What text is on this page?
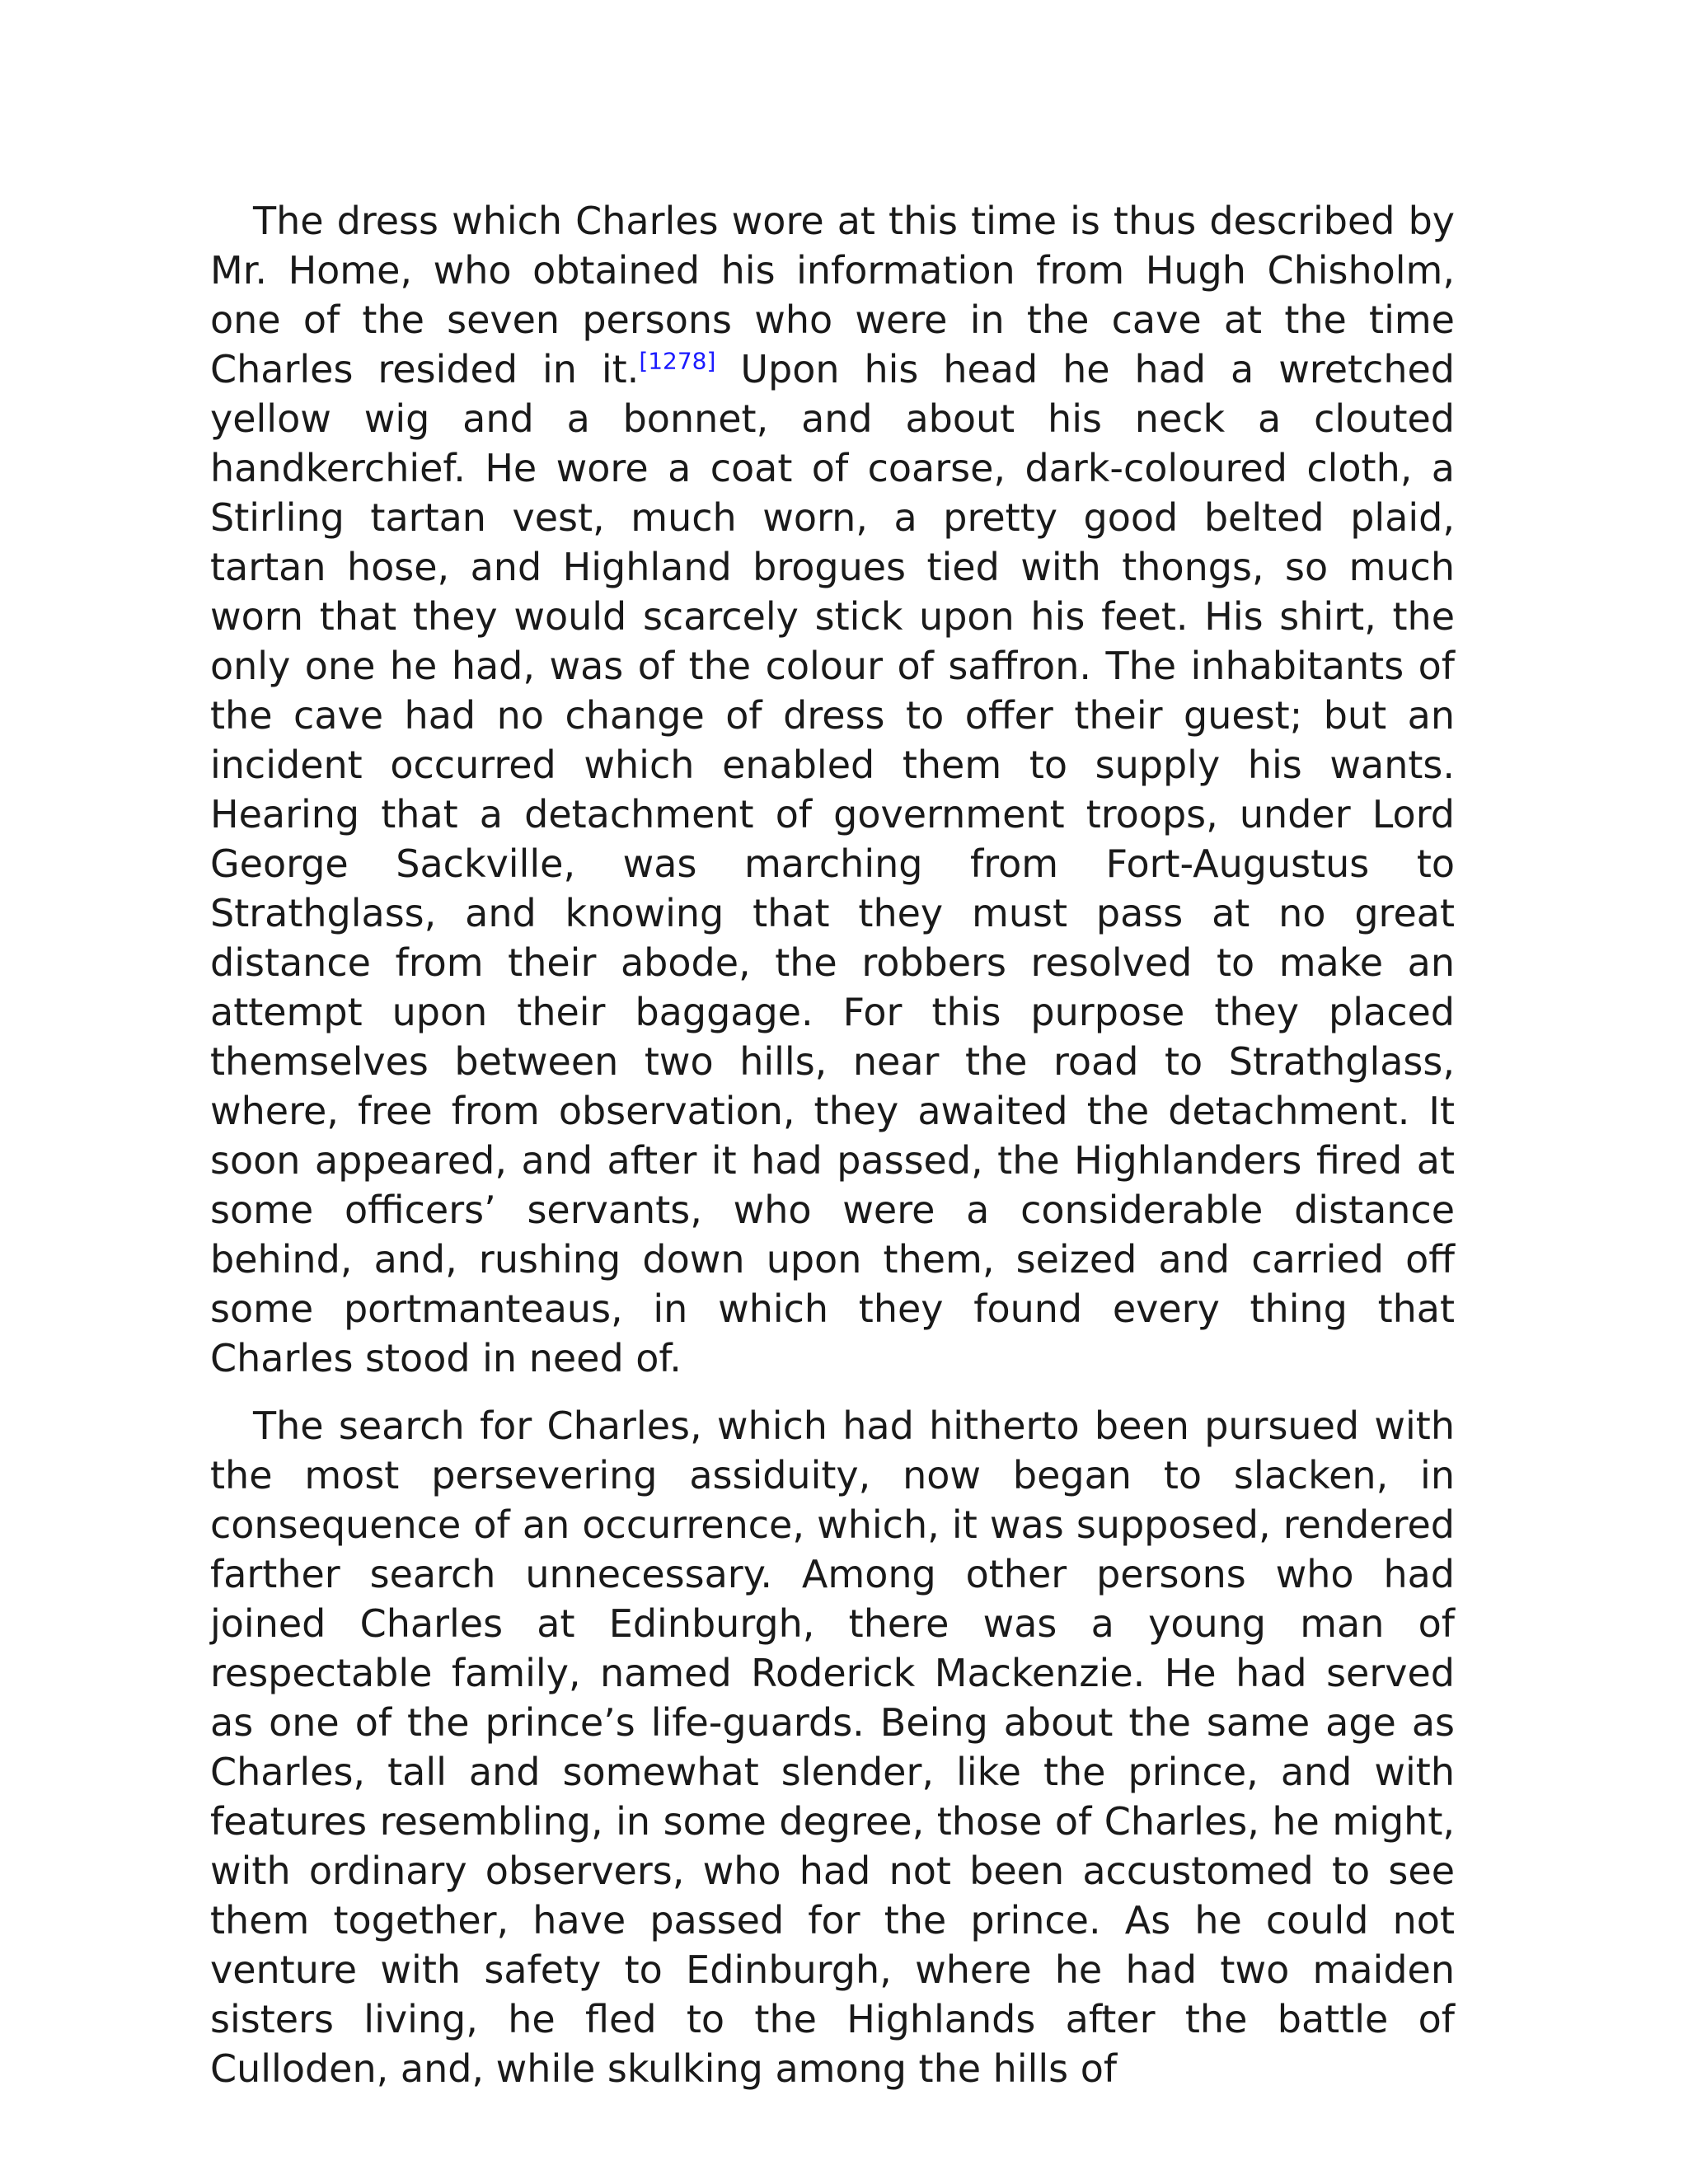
The dress which Charles wore at this time is thus described by Mr. Home, who obtained his information from Hugh Chisholm, one of the seven persons who were in the cave at the time Charles resided in it.[1278] Upon his head he had a wretched yellow wig and a bonnet, and about his neck a clouted handkerchief. He wore a coat of coarse, dark-coloured cloth, a Stirling tartan vest, much worn, a pretty good belted plaid, tartan hose, and Highland brogues tied with thongs, so much worn that they would scarcely stick upon his feet. His shirt, the only one he had, was of the colour of saffron. The inhabitants of the cave had no change of dress to offer their guest; but an incident occurred which enabled them to supply his wants. Hearing that a detachment of government troops, under Lord George Sackville, was marching from Fort-Augustus to Strathglass, and knowing that they must pass at no great distance from their abode, the robbers resolved to make an attempt upon their baggage. For this purpose they placed themselves between two hills, near the road to Strathglass, where, free from observation, they awaited the detachment. It soon appeared, and after it had passed, the Highlanders fired at some officers’ servants, who were a considerable distance behind, and, rushing down upon them, seized and carried off some portmanteaus, in which they found every thing that Charles stood in need of.

The search for Charles, which had hitherto been pursued with the most persevering assiduity, now began to slacken, in consequence of an occurrence, which, it was supposed, rendered farther search unnecessary. Among other persons who had joined Charles at Edinburgh, there was a young man of respectable family, named Roderick Mackenzie. He had served as one of the prince’s life-guards. Being about the same age as Charles, tall and somewhat slender, like the prince, and with features resembling, in some degree, those of Charles, he might, with ordinary observers, who had not been accustomed to see them together, have passed for the prince. As he could not venture with safety to Edinburgh, where he had two maiden sisters living, he fled to the Highlands after the battle of Culloden, and, while skulking among the hills of
